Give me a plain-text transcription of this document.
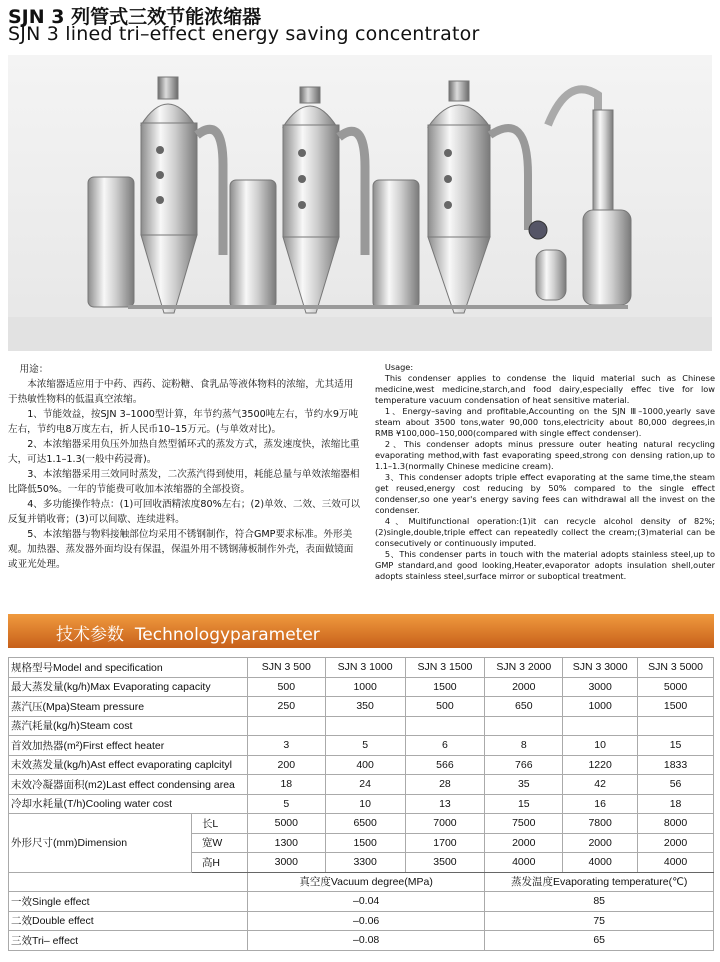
SJN 3 列管式三效节能浓缩器
SJN 3 lined tri–effect energy saving concentrator

用途：

本浓缩器适应用于中药、西药、淀粉糖、食乳品等液体物料的浓缩，尤其适用于热敏性物料的低温真空浓缩。

1、节能效益，按SJN 3–1000型计算，年节约蒸气3500吨左右，节约水9万吨左右，节约电8万度左右，折人民币10–15万元。(与单效对比)。

2、本浓缩器采用负压外加热自然型循环式的蒸发方式，蒸发速度快，浓缩比重大，可达1.1–1.3(一般中药浸膏)。

3、本浓缩器采用三效同时蒸发，二次蒸汽得到使用，耗能总量与单效浓缩器相比降低50%。一年的节能费可收加本浓缩器的全部投资。

4、多功能操作特点：(1)可回收酒精浓度80%左右；(2)单效、二效、三效可以反复并销收膏；(3)可以间歇、连续进料。

5、本浓缩器与物料接触部位均采用不锈钢制作，符合GMP要求标准。外形美观。加热器、蒸发器外面均设有保温，保温外用不锈钢薄板制作外壳，表面做镜面或亚光处理。

Usage:

This condenser applies to condense the liquid material such as Chinese medicine,west medicine,starch,and food dairy,especially effec tive for low temperature vacuum condensation of heat sensitive material.

1、Energy–saving and profitable,Accounting on the SJN Ⅲ–1000,yearly save steam about 3500 tons,water 90,000 tons,electricity about 80,000 degrees,in RMB ¥100,000–150,000(compared with single effect condenser).

2、This condenser adopts minus pressure outer heating natural recycling evaporating method,with fast evaporating speed,strong con densing ration,up to 1.1–1.3(normally Chinese medicine cream).

3、This condenser adopts triple effect evaporating at the same time,the steam get reused,energy cost reducing by 50% compared to the single effect condenser,so one year's energy saving fees can withdrawal all the invest on the condenser.

4、Multifunctional operation:(1)it can recycle alcohol density of 82%;(2)single,double,triple effect can repeatedly collect the cream;(3)material can be consecutively or continuously imputed.

5、This condenser parts in touch with the material adopts stainless steel,up to GMP standard,and good looking,Heater,evaporator adopts insulation shell,outer adopts stainless steel,surface mirror or suboptical treatment.

技术参数 Technologyparameter
规格型号Model and specification		SJN 3 500	SJN 3 1000	SJN 3 1500	SJN 3 2000	SJN 3 3000	SJN 3 5000
最大蒸发量(kg/h)Max Evaporating capacity		500	1000	1500	2000	3000	5000
蒸汽压(Mpa)Steam pressure		250	350	500	650	1000	1500
蒸汽耗量(kg/h)Steam cost							
首效加热器(m²)First effect heater		3	5	6	8	10	15
末效蒸发量(kg/h)Ast effect evaporating caplcityl		200	400	566	766	1220	1833
末效冷凝器面积(m2)Last effect condensing area		18	24	28	35	42	56
冷却水耗量(T/h)Cooling water cost		5	10	13	15	16	18
外形尺寸(mm)Dimension	长L	5000	6500	7000	7500	7800	8000
	宽W	1300	1500	1700	2000	2000	2000
	高H	3000	3300	3500	4000	4000	4000
		真空度Vacuum degree(MPa)			蒸发温度Evaporating temperature(℃)		
一效Single effect		–0.04			85		
二效Double effect		–0.06			75		
三效Tri– effect		–0.08			65		
